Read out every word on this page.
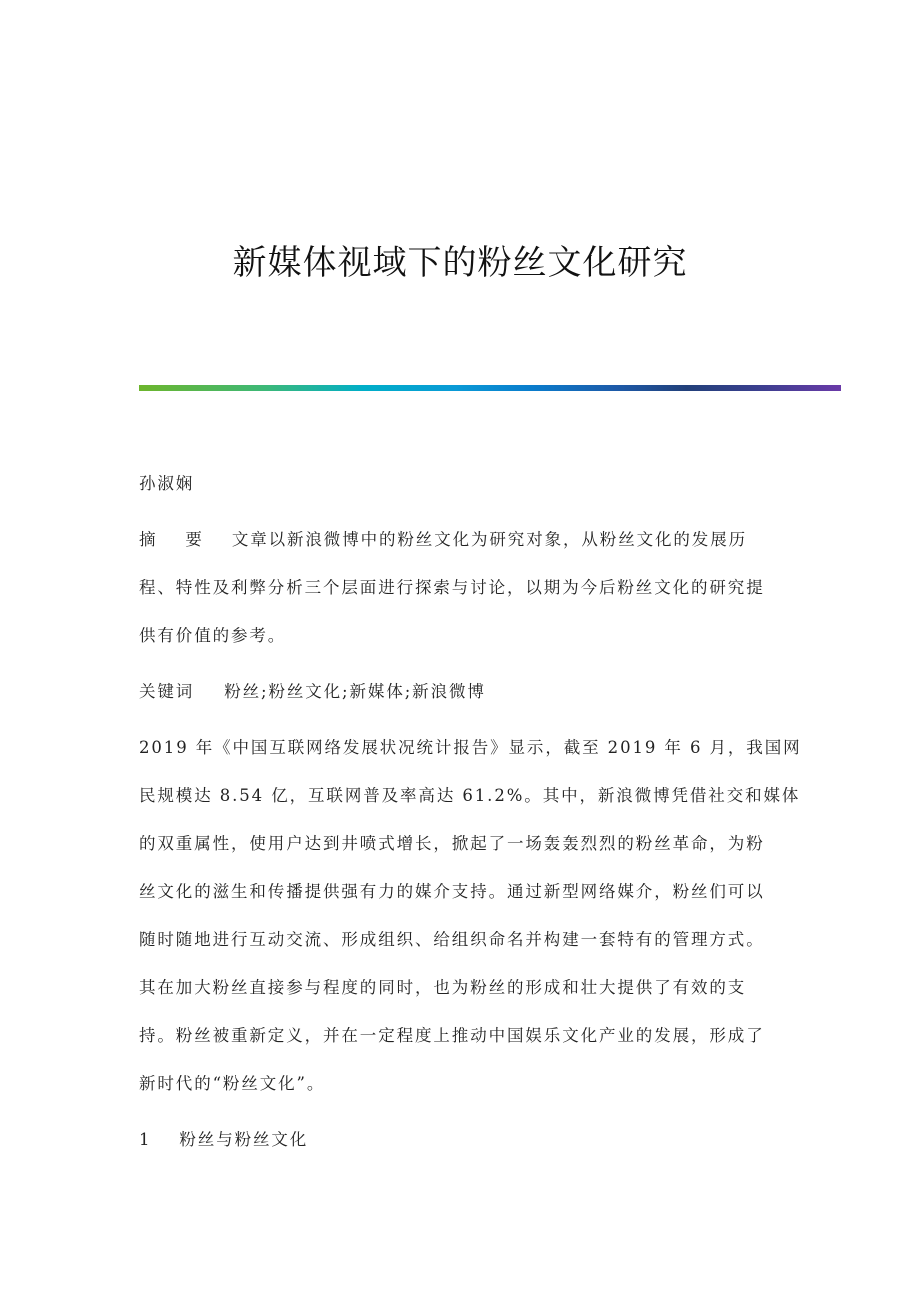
新媒体视域下的粉丝文化研究
孙淑娴
摘 要 文章以新浪微博中的粉丝文化为研究对象，从粉丝文化的发展历
程、特性及利弊分析三个层面进行探索与讨论，以期为今后粉丝文化的研究提
供有价值的参考。
关键词 粉丝;粉丝文化;新媒体;新浪微博
2019 年《中国互联网络发展状况统计报告》显示，截至 2019 年 6 月，我国网
民规模达 8.54 亿，互联网普及率高达 61.2%。其中，新浪微博凭借社交和媒体
的双重属性，使用户达到井喷式增长，掀起了一场轰轰烈烈的粉丝革命，为粉
丝文化的滋生和传播提供强有力的媒介支持。通过新型网络媒介，粉丝们可以
随时随地进行互动交流、形成组织、给组织命名并构建一套特有的管理方式。
其在加大粉丝直接参与程度的同时，也为粉丝的形成和壮大提供了有效的支
持。粉丝被重新定义，并在一定程度上推动中国娱乐文化产业的发展，形成了
新时代的“粉丝文化”。
1 粉丝与粉丝文化
